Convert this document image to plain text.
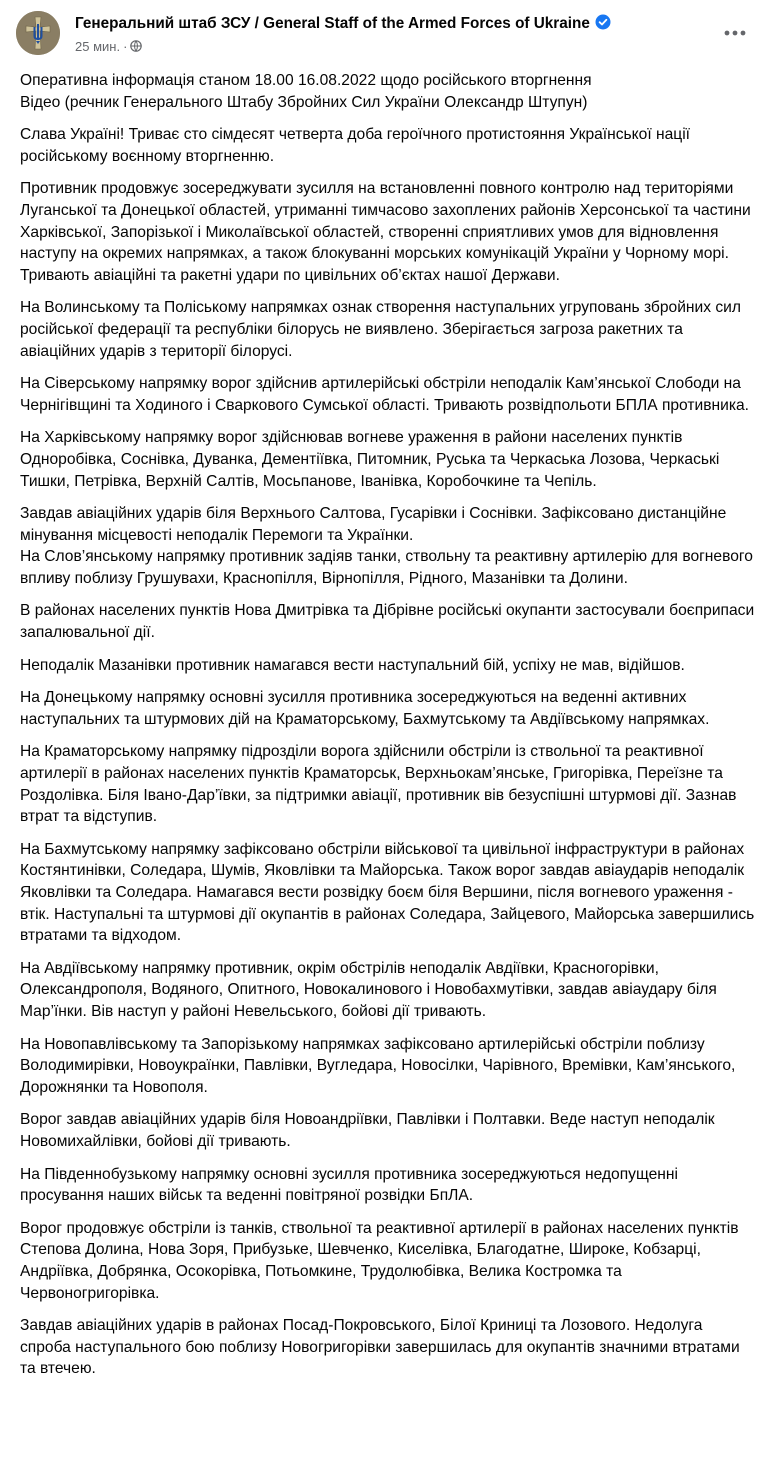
Генеральний штаб ЗСУ / General Staff of the Armed Forces of Ukraine
25 мин. ·

Оперативна інформація станом 18.00 16.08.2022 щодо російського вторгнення
Відео (речник Генерального Штабу Збройних Сил України Олександр Штупун)

Слава Україні! Триває сто сімдесят четверта доба героїчного протистояння Української нації російському воєнному вторгненню.

Противник продовжує зосереджувати зусилля на встановленні повного контролю над територіями Луганської та Донецької областей, утриманні тимчасово захоплених районів Херсонської та частини Харківської, Запорізької і Миколаївської областей, створенні сприятливих умов для відновлення наступу на окремих напрямках, а також блокуванні морських комунікацій України у Чорному морі. Тривають авіаційні та ракетні удари по цивільних об’єктах нашої Держави.

На Волинському та Поліському напрямках ознак створення наступальних угруповань збройних сил російської федерації та республіки білорусь не виявлено. Зберігається загроза ракетних та авіаційних ударів з території білорусі.

На Сіверському напрямку ворог здійснив артилерійські обстріли неподалік Кам’янської Слободи на Чернігівщині та Ходиного і Сваркового Сумської області. Тривають розвідпольоти БПЛА противника.

На Харківському напрямку ворог здійснював вогневе ураження в райони населених пунктів Одноробівка, Соснівка, Дуванка, Дементіївка, Питомник, Руська та Черкаська Лозова, Черкаські Тишки, Петрівка, Верхній Салтів, Мосьпанове, Іванівка, Коробочкине та Чепіль.

Завдав авіаційних ударів біля Верхнього Салтова, Гусарівки і Соснівки. Зафіксовано дистанційне мінування місцевості неподалік Перемоги та Українки.
На Слов’янському напрямку противник задіяв танки, ствольну та реактивну артилерію для вогневого впливу поблизу Грушувахи, Краснопілля, Вірнопілля, Рідного, Мазанівки та Долини.

В районах населених пунктів Нова Дмитрівка та Дібрівне російські окупанти застосували боєприпаси запалювальної дії.

Неподалік Мазанівки противник намагався вести наступальний бій, успіху не мав, відійшов.

На Донецькому напрямку основні зусилля противника зосереджуються на веденні активних наступальних та штурмових дій на Краматорському, Бахмутському та Авдіївському напрямках.

На Краматорському напрямку підрозділи ворога здійснили обстріли із ствольної та реактивної артилерії в районах населених пунктів Краматорськ, Верхньокам’янське, Григорівка, Переїзне та Роздолівка. Біля Івано-Дар’ївки, за підтримки авіації, противник вів безуспішні штурмові дії. Зазнав втрат та відступив.

На Бахмутському напрямку зафіксовано обстріли військової та цивільної інфраструктури в районах Костянтинівки, Соледара, Шумів, Яковлівки та Майорська. Також ворог завдав авіаударів неподалік Яковлівки та Соледара. Намагався вести розвідку боєм біля Вершини, після вогневого ураження - втік. Наступальні та штурмові дії окупантів в районах Соледара, Зайцевого, Майорська завершились втратами та відходом.

На Авдіївському напрямку противник, окрім обстрілів неподалік Авдіївки, Красногорівки, Олександрополя, Водяного, Опитного, Новокалинового і Новобахмутівки, завдав авіаудару біля Мар’їнки. Вів наступ у районі Невельського, бойові дії тривають.

На Новопавлівському та Запорізькому напрямках зафіксовано артилерійські обстріли поблизу Володимирівки, Новоукраїнки, Павлівки, Вугледара, Новосілки, Чарівного, Времівки, Кам’янського, Дорожнянки та Новополя.

Ворог завдав авіаційних ударів біля Новоандріївки, Павлівки і Полтавки. Веде наступ неподалік Новомихайлівки, бойові дії тривають.

На Південнобузькому напрямку основні зусилля противника зосереджуються недопущенні просування наших військ та веденні повітряної розвідки БпЛА.

Ворог продовжує обстріли із танків, ствольної та реактивної артилерії в районах населених пунктів Степова Долина, Нова Зоря, Прибузьке, Шевченко, Киселівка, Благодатне, Широке, Кобзарці, Андріївка, Добрянка, Осокорівка, Потьомкине, Трудолюбівка, Велика Костромка та Червоногригорівка.

Завдав авіаційних ударів в районах Посад-Покровського, Білої Криниці та Лозового. Недолуга спроба наступального бою поблизу Новогригорівки завершилась для окупантів значними втратами та втечею.
